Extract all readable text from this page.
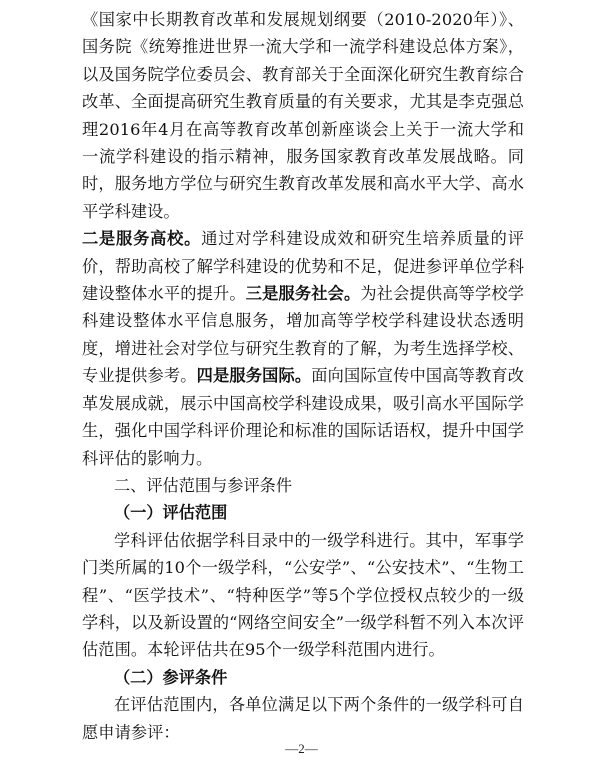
《国家中长期教育改革和发展规划纲要（2010-2020年）》、国务院《统筹推进世界一流大学和一流学科建设总体方案》，以及国务院学位委员会、教育部关于全面深化研究生教育综合改革、全面提高研究生教育质量的有关要求，尤其是李克强总理2016年4月在高等教育改革创新座谈会上关于一流大学和一流学科建设的指示精神，服务国家教育改革发展战略。同时，服务地方学位与研究生教育改革发展和高水平大学、高水平学科建设。

二是服务高校。通过对学科建设成效和研究生培养质量的评价，帮助高校了解学科建设的优势和不足，促进参评单位学科建设整体水平的提升。三是服务社会。为社会提供高等学校学科建设整体水平信息服务，增加高等学校学科建设状态透明度，增进社会对学位与研究生教育的了解，为考生选择学校、专业提供参考。四是服务国际。面向国际宣传中国高等教育改革发展成就，展示中国高校学科建设成果，吸引高水平国际学生，强化中国学科评价理论和标准的国际话语权，提升中国学科评估的影响力。

二、评估范围与参评条件

（一）评估范围

学科评估依据学科目录中的一级学科进行。其中，军事学门类所属的10个一级学科，“公安学”、“公安技术”、“生物工程”、“医学技术”、“特种医学”等5个学位授权点较少的一级学科，以及新设置的“网络空间安全”一级学科暂不列入本次评估范围。本轮评估共在95个一级学科范围内进行。

（二）参评条件

在评估范围内，各单位满足以下两个条件的一级学科可自愿申请参评：

—2—
